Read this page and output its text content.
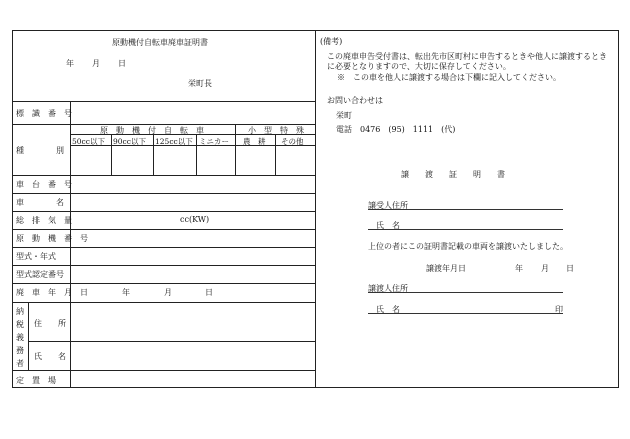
原動機付自転車廃車証明書
年 月 日
栄町長
標　識　番　号
種　　　　別
車　台　番　号
車　　　　名
総　排　気　量	cc(KW)
原　動　機　番　号
型式・年式
型式認定番号
廃　車　年　月　日	年	月	日
納税義務者
住　　所
氏　　名
定　置　場
原　動　機　付　自　転　車	小　型　特　殊
50cc以下 90cc以下 125cc以下 ミニカー 農　耕 その他
(備考)
この廃車申告受付書は、転出先市区町村に申告するときや他人に譲渡するとき
に必要となりますので、大切に保存してください。
※　この車を他人に譲渡する場合は下欄に記入してください。
お問い合わせは
栄町
電話　0476　(95)　1111　(代)
譲　　渡　　証　　明　　書
譲受人住所
氏　名
上位の者にこの証明書記載の車両を譲渡いたしました。
譲渡年月日	年 月 日
譲渡人住所
氏　名	印
